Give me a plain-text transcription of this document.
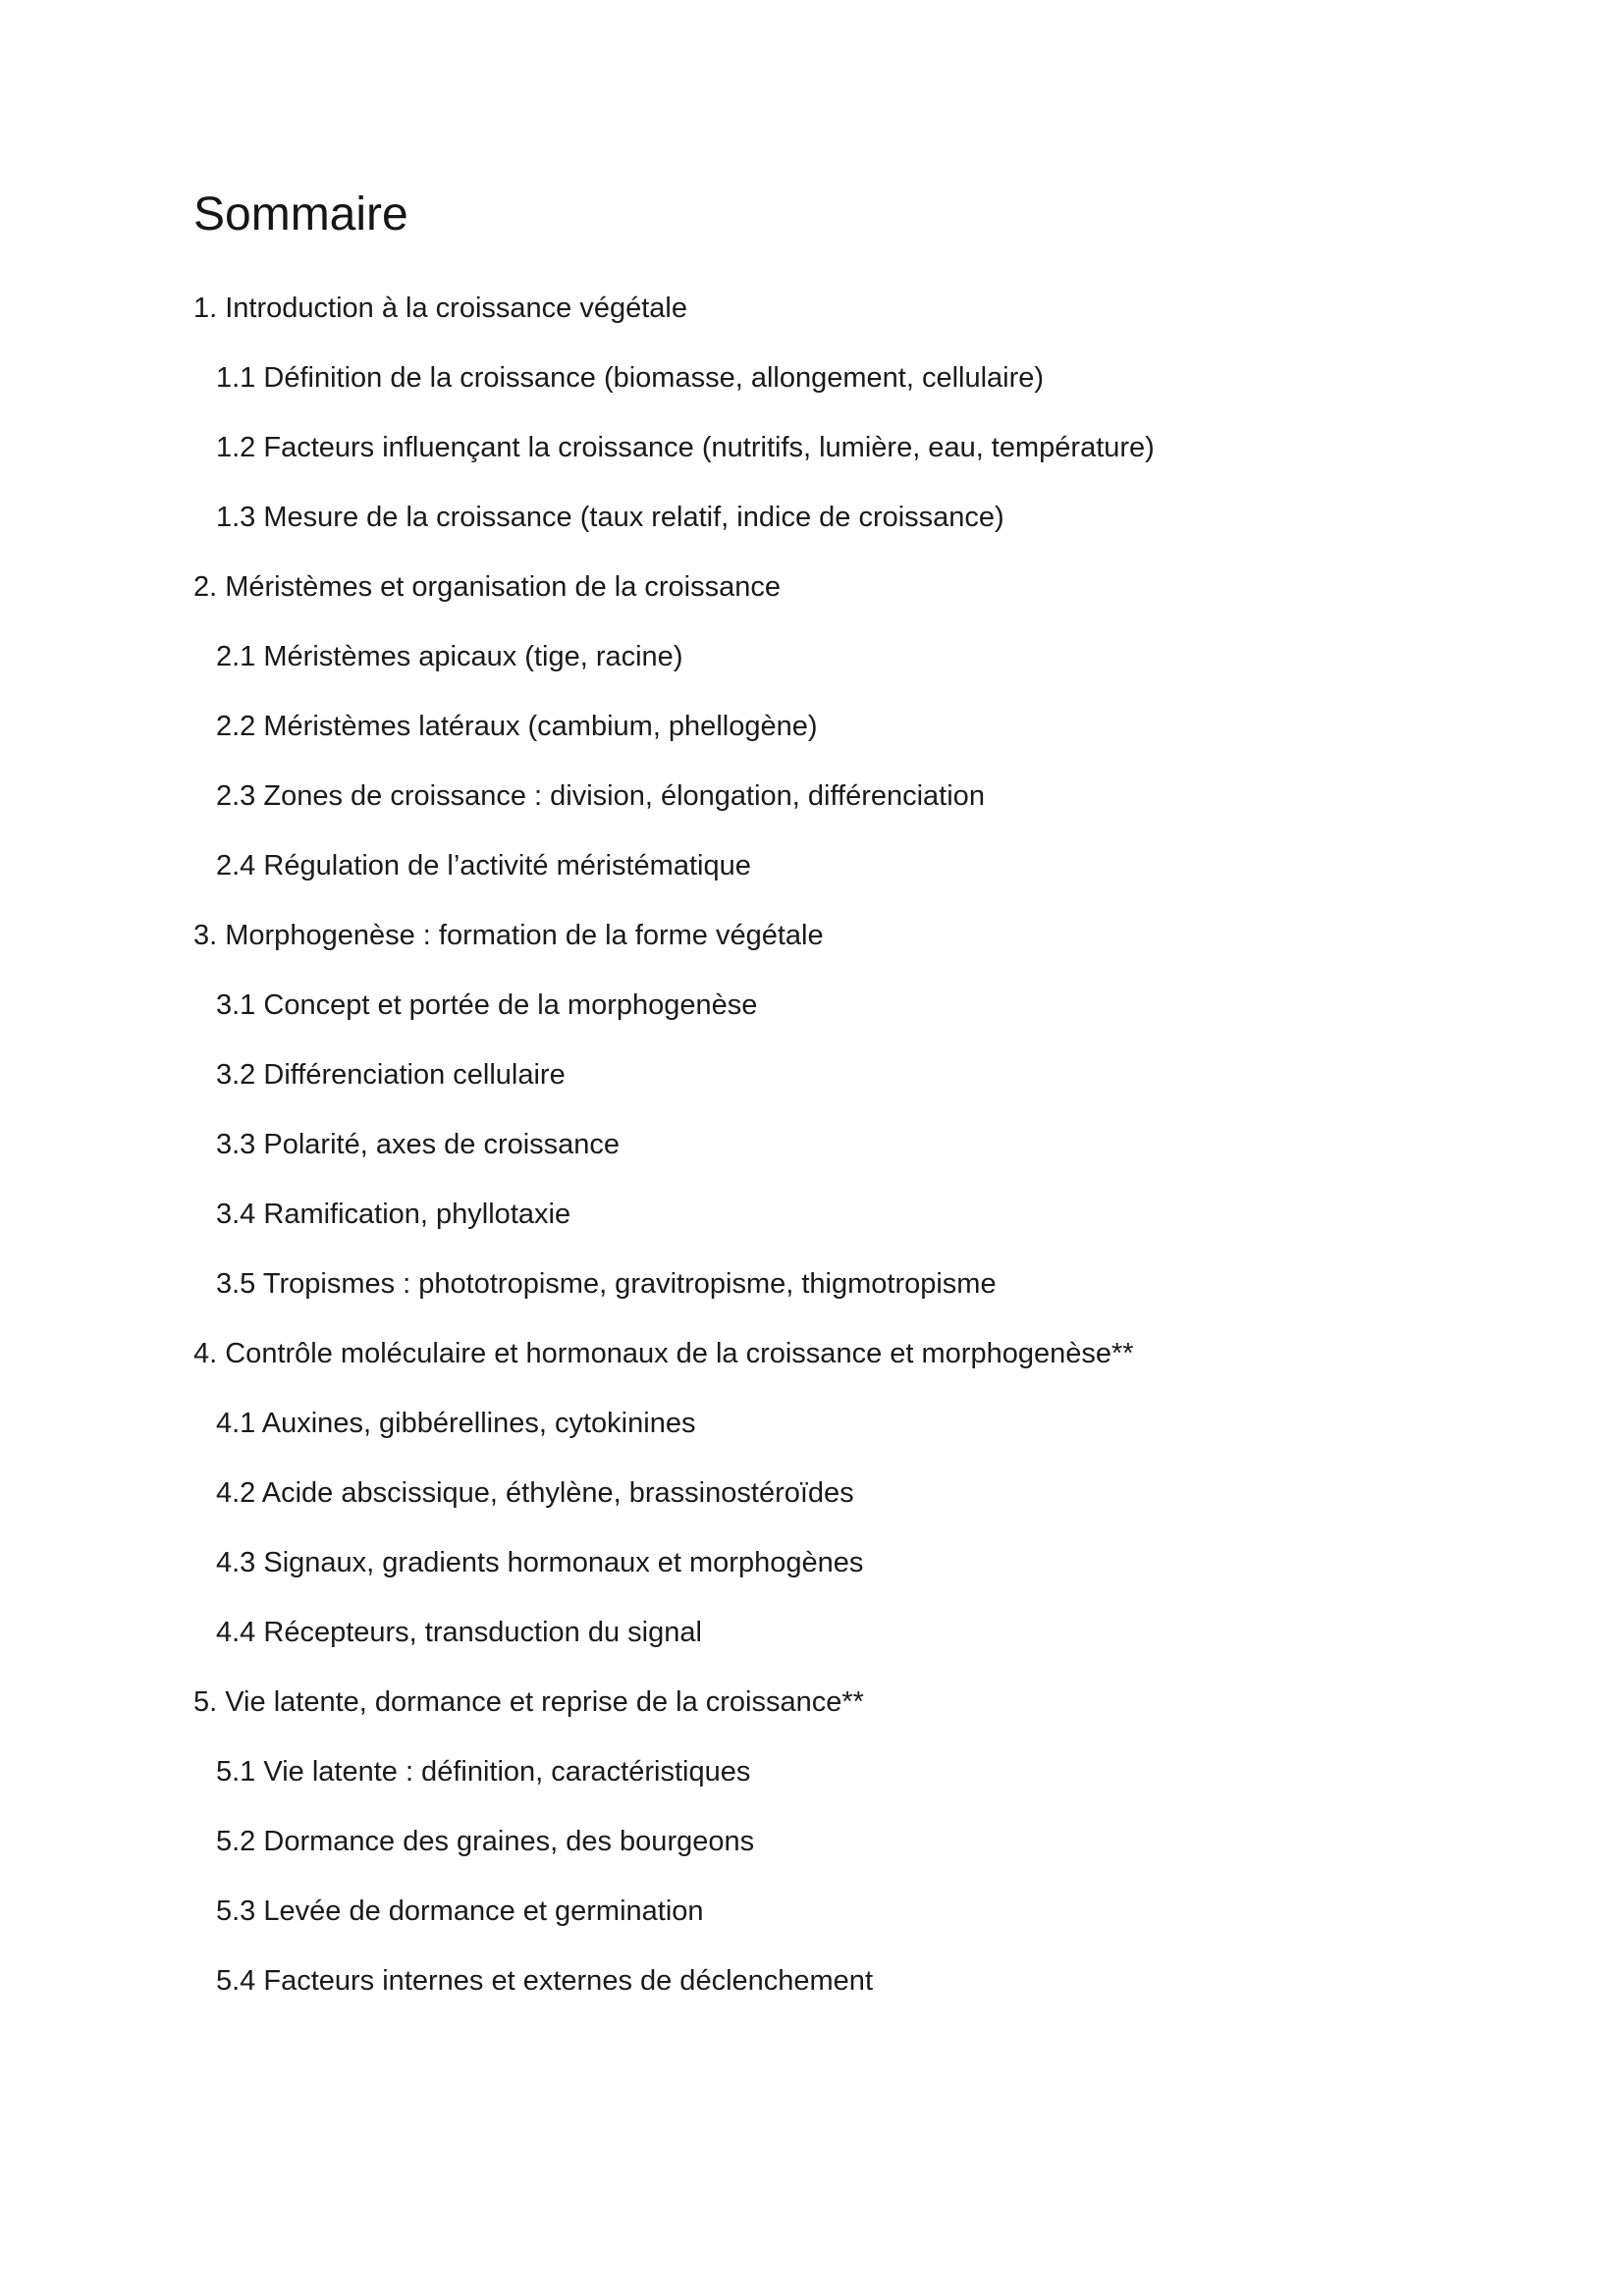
Sommaire

1. Introduction à la croissance végétale

1.1 Définition de la croissance (biomasse, allongement, cellulaire)

1.2 Facteurs influençant la croissance (nutritifs, lumière, eau, température)

1.3 Mesure de la croissance (taux relatif, indice de croissance)

2. Méristèmes et organisation de la croissance

2.1 Méristèmes apicaux (tige, racine)

2.2 Méristèmes latéraux (cambium, phellogène)

2.3 Zones de croissance : division, élongation, différenciation

2.4 Régulation de l’activité méristématique

3. Morphogenèse : formation de la forme végétale

3.1 Concept et portée de la morphogenèse

3.2 Différenciation cellulaire

3.3 Polarité, axes de croissance

3.4 Ramification, phyllotaxie

3.5 Tropismes : phototropisme, gravitropisme, thigmotropisme

4. Contrôle moléculaire et hormonaux de la croissance et morphogenèse**

4.1 Auxines, gibbérellines, cytokinines

4.2 Acide abscissique, éthylène, brassinostéroïdes

4.3 Signaux, gradients hormonaux et morphogènes

4.4 Récepteurs, transduction du signal

5. Vie latente, dormance et reprise de la croissance**

5.1 Vie latente : définition, caractéristiques

5.2 Dormance des graines, des bourgeons

5.3 Levée de dormance et germination

5.4 Facteurs internes et externes de déclenchement
